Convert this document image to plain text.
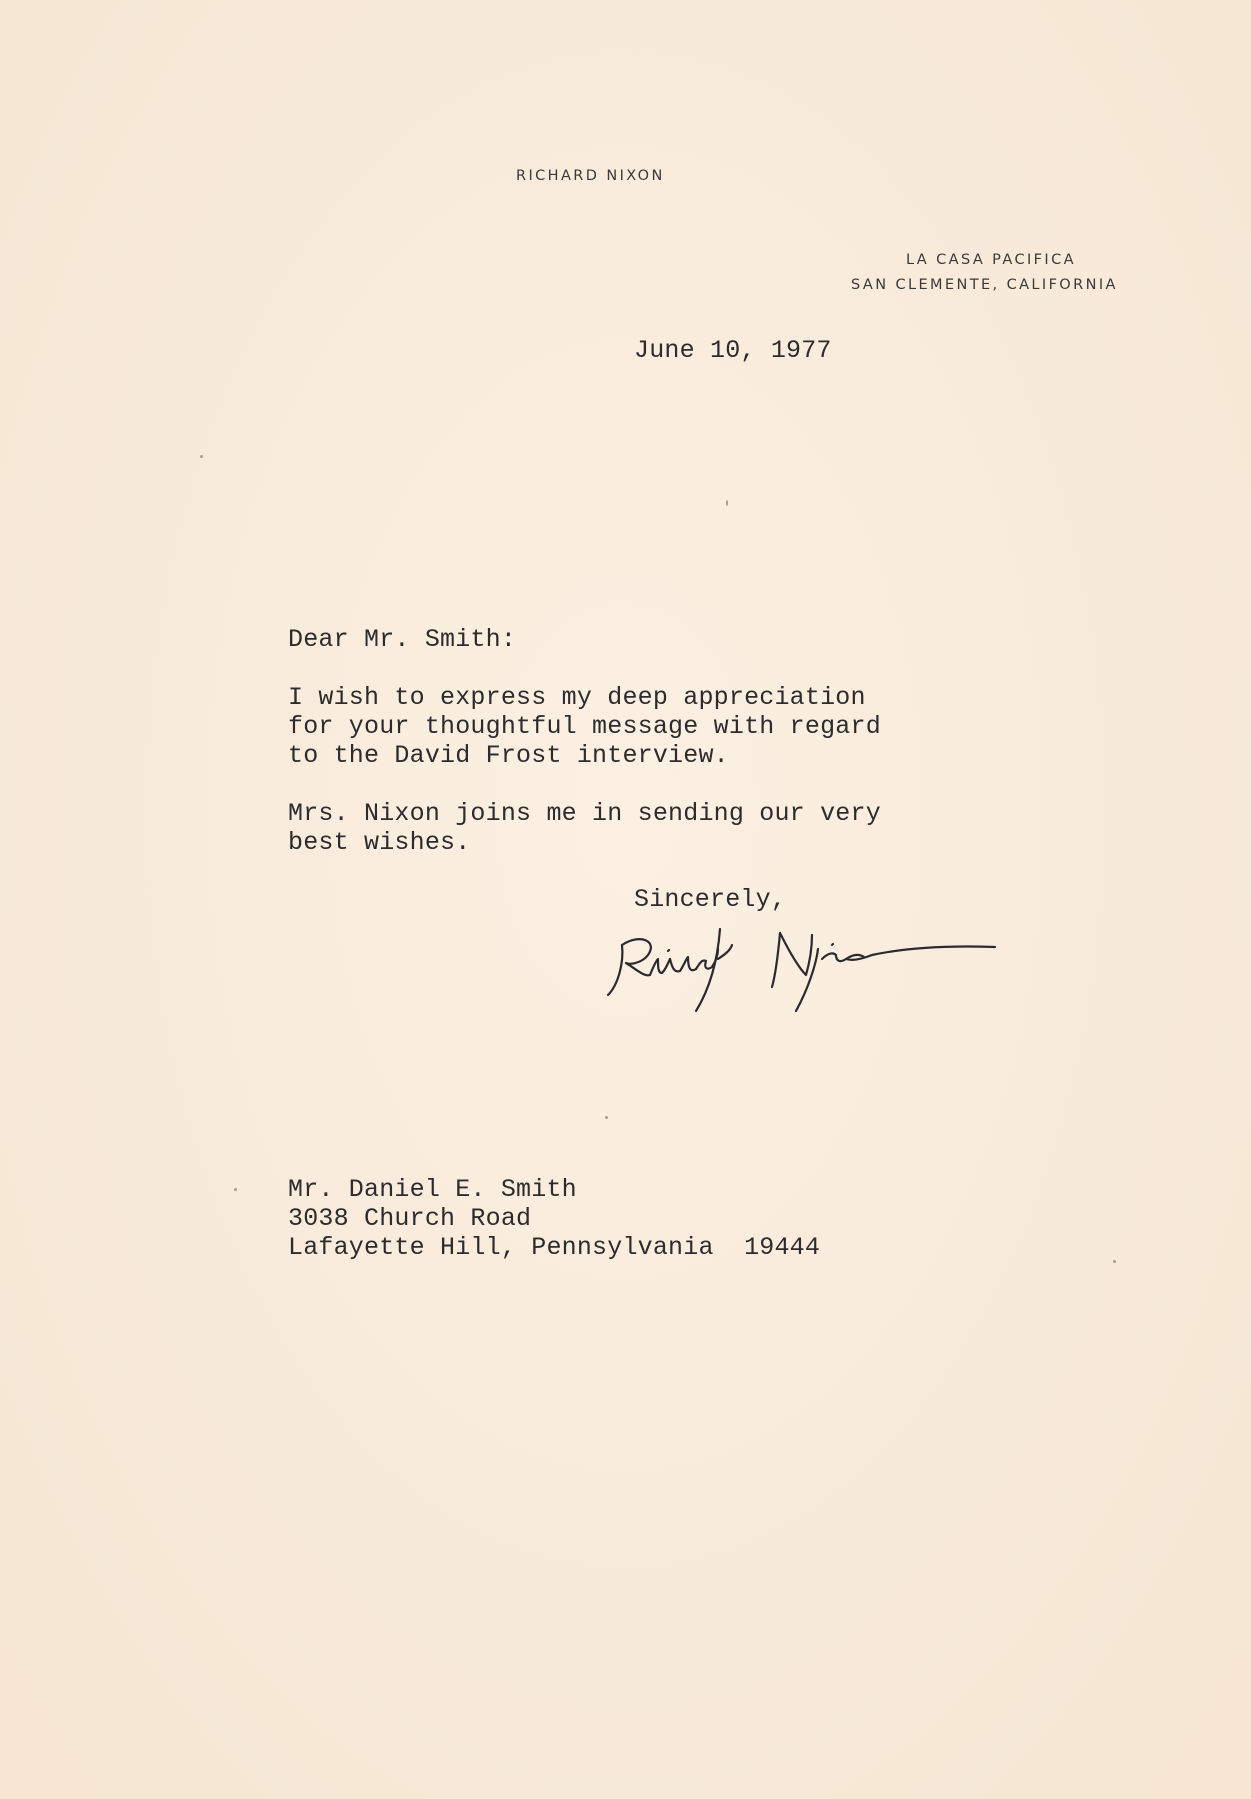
RICHARD NIXON
LA CASA PACIFICA
SAN CLEMENTE, CALIFORNIA
June 10, 1977
Dear Mr. Smith:
I wish to express my deep appreciation
for your thoughtful message with regard
to the David Frost interview.
Mrs. Nixon joins me in sending our very
best wishes.
Sincerely,
Mr. Daniel E. Smith
3038 Church Road
Lafayette Hill, Pennsylvania  19444
